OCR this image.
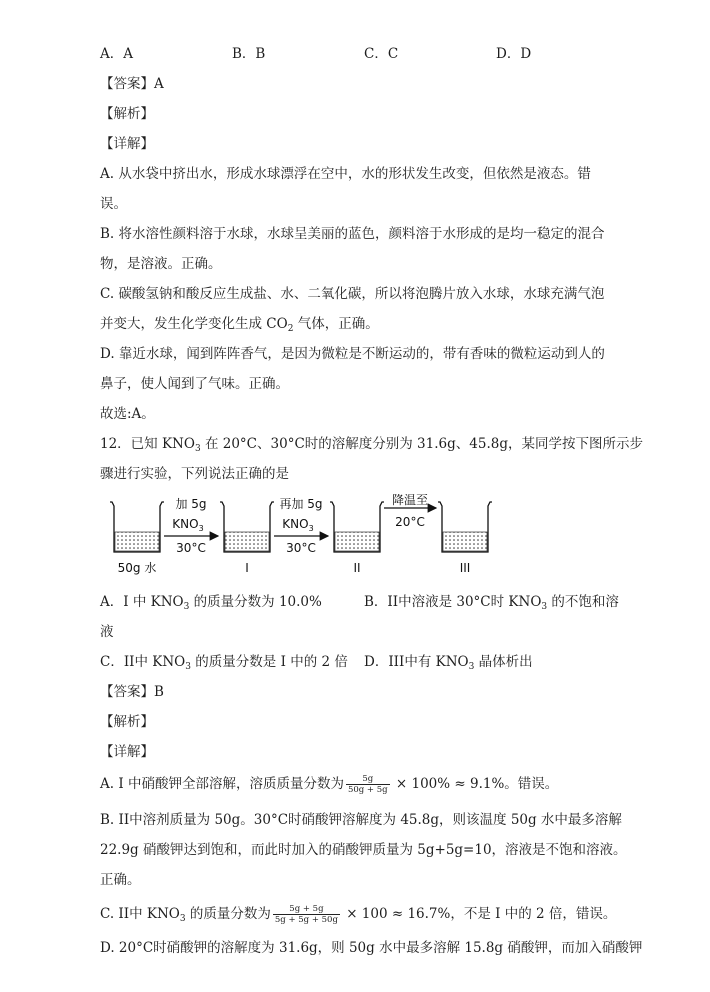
A．A	B．B	C．C	D．D
【答案】A
【解析】
【详解】
A. 从水袋中挤出水，形成水球漂浮在空中，水的形状发生改变，但依然是液态。错
误。
B. 将水溶性颜料溶于水球，水球呈美丽的蓝色，颜料溶于水形成的是均一稳定的混合
物，是溶液。正确。
C. 碳酸氢钠和酸反应生成盐、水、二氧化碳，所以将泡腾片放入水球，水球充满气泡
并变大，发生化学变化生成 $CO_2$ 气体，正确。
D. 靠近水球，闻到阵阵香气，是因为微粒是不断运动的，带有香味的微粒运动到人的
鼻子，使人闻到了气味。正确。
故选:A。
12．已知 $KNO_3$ 在 20°C、30°C时的溶解度分别为 31.6g、45.8g，某同学按下图所示步
骤进行实验，下列说法正确的是
加 5g
$KNO_3$
30°C
再加 5g
$KNO_3$
30°C
降温至
20°C
50g 水	I	II	III
A．I 中 $KNO_3$ 的质量分数为 10.0%	B．II中溶液是 30°C时 $KNO_3$ 的不饱和溶
液
C．II中 $KNO_3$ 的质量分数是 I 中的 2 倍 D．III中有 $KNO_3$ 晶体析出
【答案】B
【解析】
【详解】
A. I 中硝酸钾全部溶解，溶质质量分数为 $\frac{5g}{50g + 5g} \times 100\% \approx 9.1\%$。错误。
B. II中溶剂质量为 50g。30°C时硝酸钾溶解度为 45.8g，则该温度 50g 水中最多溶解
22.9g 硝酸钾达到饱和，而此时加入的硝酸钾质量为 5g+5g=10，溶液是不饱和溶液。
正确。
C. II中 $KNO_3$ 的质量分数为 $\frac{5g + 5g}{5g + 5g + 50g} \times 100 \approx 16.7\%$，不是 I 中的 2 倍，错误。
D. 20°C时硝酸钾的溶解度为 31.6g，则 50g 水中最多溶解 15.8g 硝酸钾，而加入硝酸钾
